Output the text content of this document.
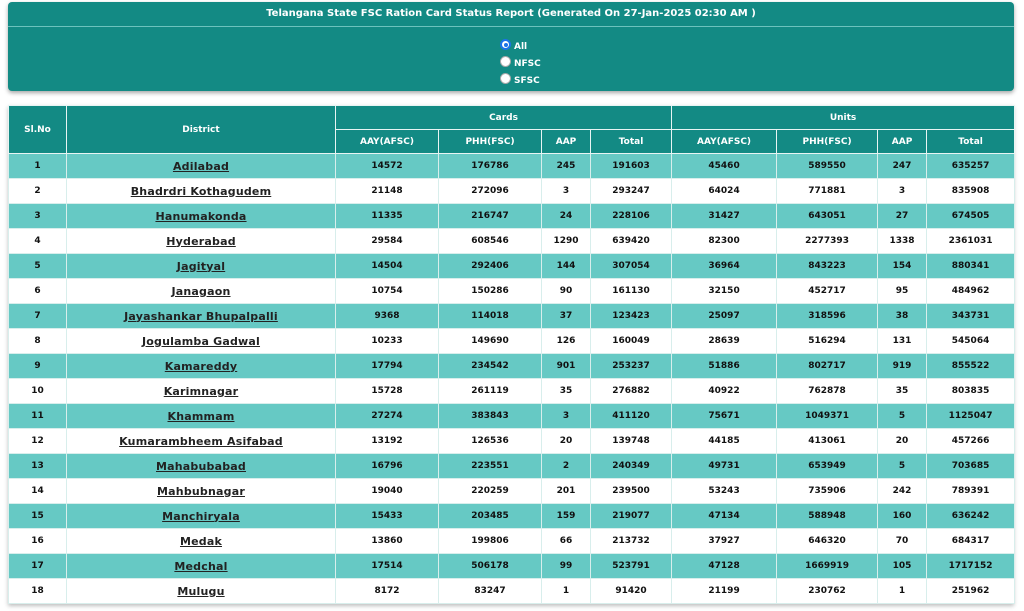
Telangana State FSC Ration Card Status Report (Generated On 27-Jan-2025 02:30 AM )
All
NFSC
SFSC
Sl.No	District	Cards				Units			
		AAY(AFSC)	PHH(FSC)	AAP	Total	AAY(AFSC)	PHH(FSC)	AAP	Total
1	Adilabad	14572	176786	245	191603	45460	589550	247	635257
2	Bhadrdri Kothagudem	21148	272096	3	293247	64024	771881	3	835908
3	Hanumakonda	11335	216747	24	228106	31427	643051	27	674505
4	Hyderabad	29584	608546	1290	639420	82300	2277393	1338	2361031
5	Jagityal	14504	292406	144	307054	36964	843223	154	880341
6	Janagaon	10754	150286	90	161130	32150	452717	95	484962
7	Jayashankar Bhupalpalli	9368	114018	37	123423	25097	318596	38	343731
8	Jogulamba Gadwal	10233	149690	126	160049	28639	516294	131	545064
9	Kamareddy	17794	234542	901	253237	51886	802717	919	855522
10	Karimnagar	15728	261119	35	276882	40922	762878	35	803835
11	Khammam	27274	383843	3	411120	75671	1049371	5	1125047
12	Kumarambheem Asifabad	13192	126536	20	139748	44185	413061	20	457266
13	Mahabubabad	16796	223551	2	240349	49731	653949	5	703685
14	Mahbubnagar	19040	220259	201	239500	53243	735906	242	789391
15	Manchiryala	15433	203485	159	219077	47134	588948	160	636242
16	Medak	13860	199806	66	213732	37927	646320	70	684317
17	Medchal	17514	506178	99	523791	47128	1669919	105	1717152
18	Mulugu	8172	83247	1	91420	21199	230762	1	251962
